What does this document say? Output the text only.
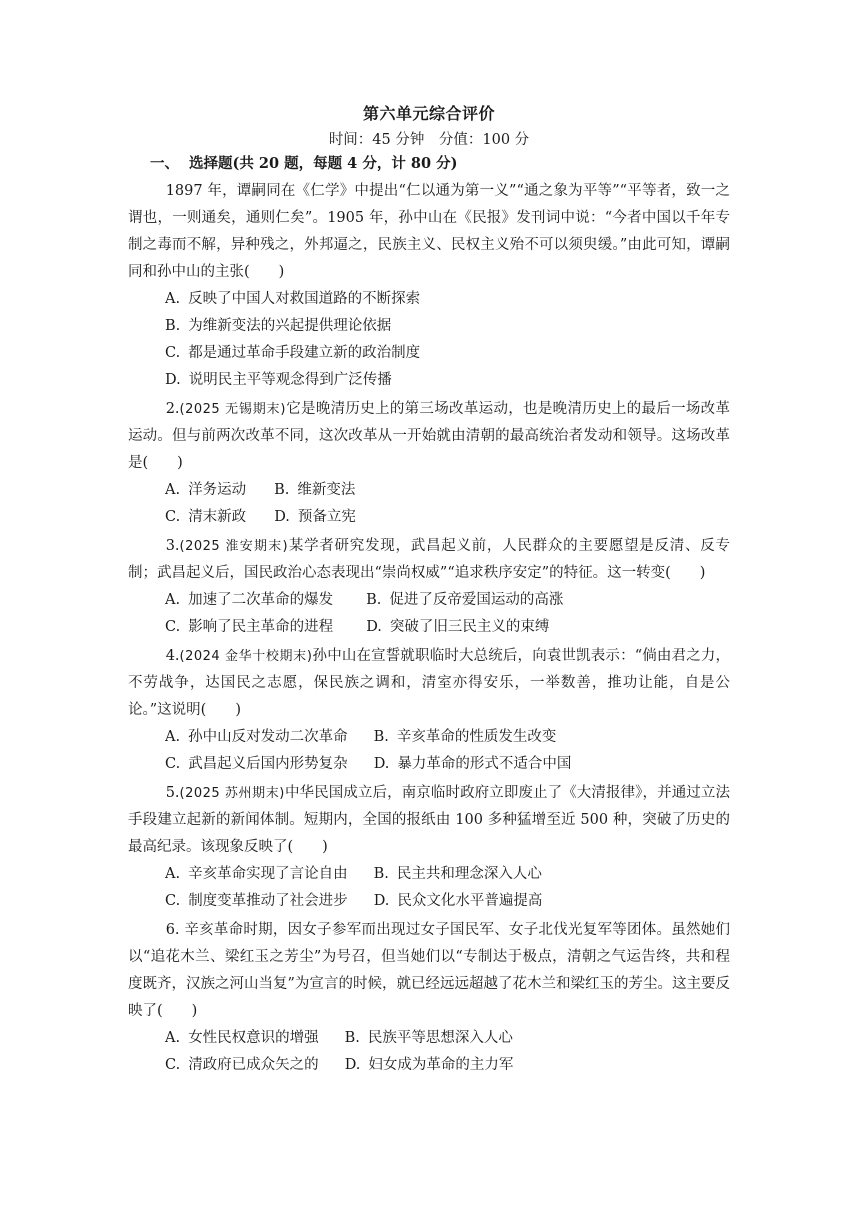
第六单元综合评价

时间：45 分钟　分值：100 分

一、 选择题(共 20 题，每题 4 分，计 80 分)

1897 年，谭嗣同在《仁学》中提出“仁以通为第一义”“通之象为平等”“平等者，致一之谓也，一则通矣，通则仁矣”。1905 年，孙中山在《民报》发刊词中说：“今者中国以千年专制之毒而不解，异种残之，外邦逼之，民族主义、民权主义殆不可以须臾缓。”由此可知，谭嗣同和孙中山的主张(　　)

A. 反映了中国人对救国道路的不断探索
B. 为维新变法的兴起提供理论依据
C. 都是通过革命手段建立新的政治制度
D. 说明民主平等观念得到广泛传播

2.(2025 无锡期末)它是晚清历史上的第三场改革运动，也是晚清历史上的最后一场改革运动。但与前两次改革不同，这次改革从一开始就由清朝的最高统治者发动和领导。这场改革是(　　)

A. 洋务运动 B. 维新变法
C. 清末新政 D. 预备立宪

3.(2025 淮安期末)某学者研究发现，武昌起义前，人民群众的主要愿望是反清、反专制；武昌起义后，国民政治心态表现出“崇尚权威”“追求秩序安定”的特征。这一转变(　　)

A. 加速了二次革命的爆发 B. 促进了反帝爱国运动的高涨
C. 影响了民主革命的进程 D. 突破了旧三民主义的束缚

4.(2024 金华十校期末)孙中山在宣誓就职临时大总统后，向袁世凯表示：“倘由君之力，不劳战争，达国民之志愿，保民族之调和，清室亦得安乐，一举数善，推功让能，自是公论。”这说明(　　)

A. 孙中山反对发动二次革命 B. 辛亥革命的性质发生改变
C. 武昌起义后国内形势复杂 D. 暴力革命的形式不适合中国

5.(2025 苏州期末)中华民国成立后，南京临时政府立即废止了《大清报律》，并通过立法手段建立起新的新闻体制。短期内，全国的报纸由 100 多种猛增至近 500 种，突破了历史的最高纪录。该现象反映了(　　)

A. 辛亥革命实现了言论自由 B. 民主共和理念深入人心
C. 制度变革推动了社会进步 D. 民众文化水平普遍提高

6. 辛亥革命时期，因女子参军而出现过女子国民军、女子北伐光复军等团体。虽然她们以“追花木兰、梁红玉之芳尘”为号召，但当她们以“专制达于极点，清朝之气运告终，共和程度既齐，汉族之河山当复”为宣言的时候，就已经远远超越了花木兰和梁红玉的芳尘。这主要反映了(　　)

A. 女性民权意识的增强 B. 民族平等思想深入人心
C. 清政府已成众矢之的 D. 妇女成为革命的主力军
